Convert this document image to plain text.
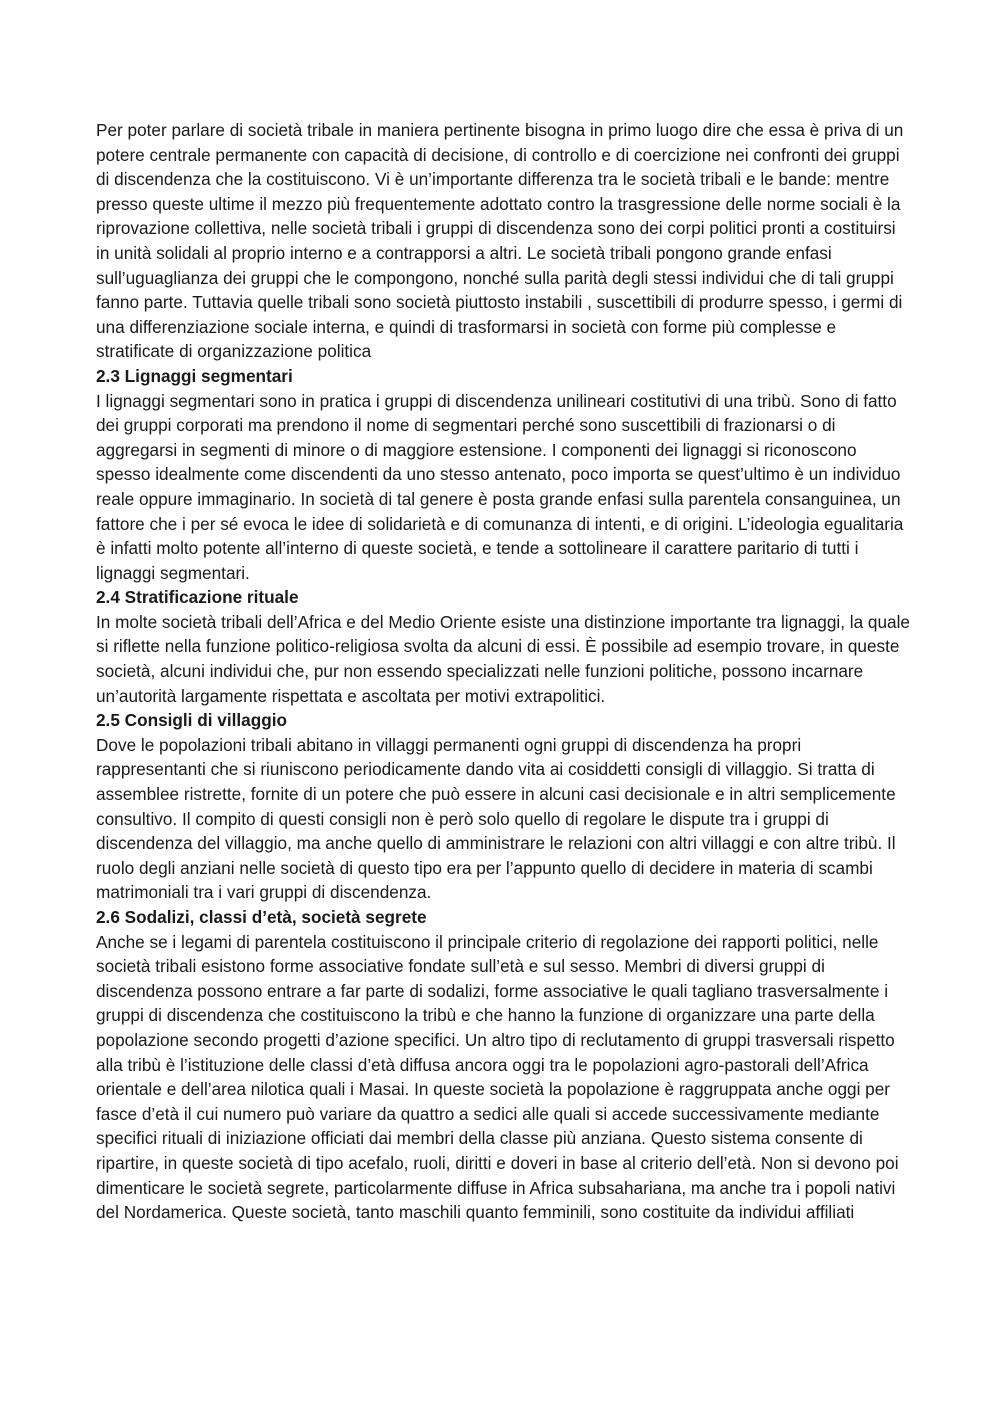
Per poter parlare di società tribale in maniera pertinente bisogna in primo luogo dire che essa è priva di un potere centrale permanente con capacità di decisione, di controllo e di coercizione nei confronti dei gruppi di discendenza che la costituiscono. Vi è un’importante differenza tra le società tribali e le bande: mentre presso queste ultime il mezzo più frequentemente adottato contro la trasgressione delle norme sociali è la riprovazione collettiva, nelle società tribali i gruppi di discendenza sono dei corpi politici pronti a costituirsi in unità solidali al proprio interno e a contrapporsi a altri. Le società tribali pongono grande enfasi sull’uguaglianza dei gruppi che le compongono, nonché sulla parità degli stessi individui che di tali gruppi fanno parte. Tuttavia quelle tribali sono società piuttosto instabili , suscettibili di produrre spesso, i germi di una differenziazione sociale interna, e quindi di trasformarsi in società con forme più complesse e stratificate di organizzazione politica

2.3 Lignaggi segmentari

I lignaggi segmentari sono in pratica i gruppi di discendenza unilineari costitutivi di una tribù. Sono di fatto dei gruppi corporati ma prendono il nome di segmentari perché sono suscettibili di frazionarsi o di aggregarsi in segmenti di minore o di maggiore estensione. I componenti dei lignaggi si riconoscono spesso idealmente come discendenti da uno stesso antenato, poco importa se quest’ultimo è un individuo reale oppure immaginario. In società di tal genere è posta grande enfasi sulla parentela consanguinea, un fattore che i per sé evoca le idee di solidarietà e di comunanza di intenti, e di origini. L’ideologia egualitaria è infatti molto potente all’interno di queste società, e tende a sottolineare il carattere paritario di tutti i lignaggi segmentari.

2.4 Stratificazione rituale

In molte società tribali dell’Africa e del Medio Oriente esiste una distinzione importante tra lignaggi, la quale si riflette nella funzione politico-religiosa svolta da alcuni di essi. È possibile ad esempio trovare, in queste società, alcuni individui che, pur non essendo specializzati nelle funzioni politiche, possono incarnare un’autorità largamente rispettata e ascoltata per motivi extrapolitici.

2.5 Consigli di villaggio

Dove le popolazioni tribali abitano in villaggi permanenti ogni gruppi di discendenza ha propri rappresentanti che si riuniscono periodicamente dando vita ai cosiddetti consigli di villaggio. Si tratta di assemblee ristrette, fornite di un potere che può essere in alcuni casi decisionale e in altri semplicemente consultivo. Il compito di questi consigli non è però solo quello di regolare le dispute tra i gruppi di discendenza del villaggio, ma anche quello di amministrare le relazioni con altri villaggi e con altre tribù. Il ruolo degli anziani nelle società di questo tipo era per l’appunto quello di decidere in materia di scambi matrimoniali tra i vari gruppi di discendenza.

2.6 Sodalizi, classi d’età, società segrete

Anche se i legami di parentela costituiscono il principale criterio di regolazione dei rapporti politici, nelle società tribali esistono forme associative fondate sull’età e sul sesso. Membri di diversi gruppi di discendenza possono entrare a far parte di sodalizi, forme associative le quali tagliano trasversalmente i gruppi di discendenza che costituiscono la tribù e che hanno la funzione di organizzare una parte della popolazione secondo progetti d’azione specifici. Un altro tipo di reclutamento di gruppi trasversali rispetto alla tribù è l’istituzione delle classi d’età diffusa ancora oggi tra le popolazioni agro-pastorali dell’Africa orientale e dell’area nilotica quali i Masai. In queste società la popolazione è raggruppata anche oggi per fasce d’età il cui numero può variare da quattro a sedici alle quali si accede successivamente mediante specifici rituali di iniziazione officiati dai membri della classe più anziana. Questo sistema consente di ripartire, in queste società di tipo acefalo, ruoli, diritti e doveri in base al criterio dell’età. Non si devono poi dimenticare le società segrete, particolarmente diffuse in Africa subsahariana, ma anche tra i popoli nativi del Nordamerica. Queste società, tanto maschili quanto femminili, sono costituite da individui affiliati
